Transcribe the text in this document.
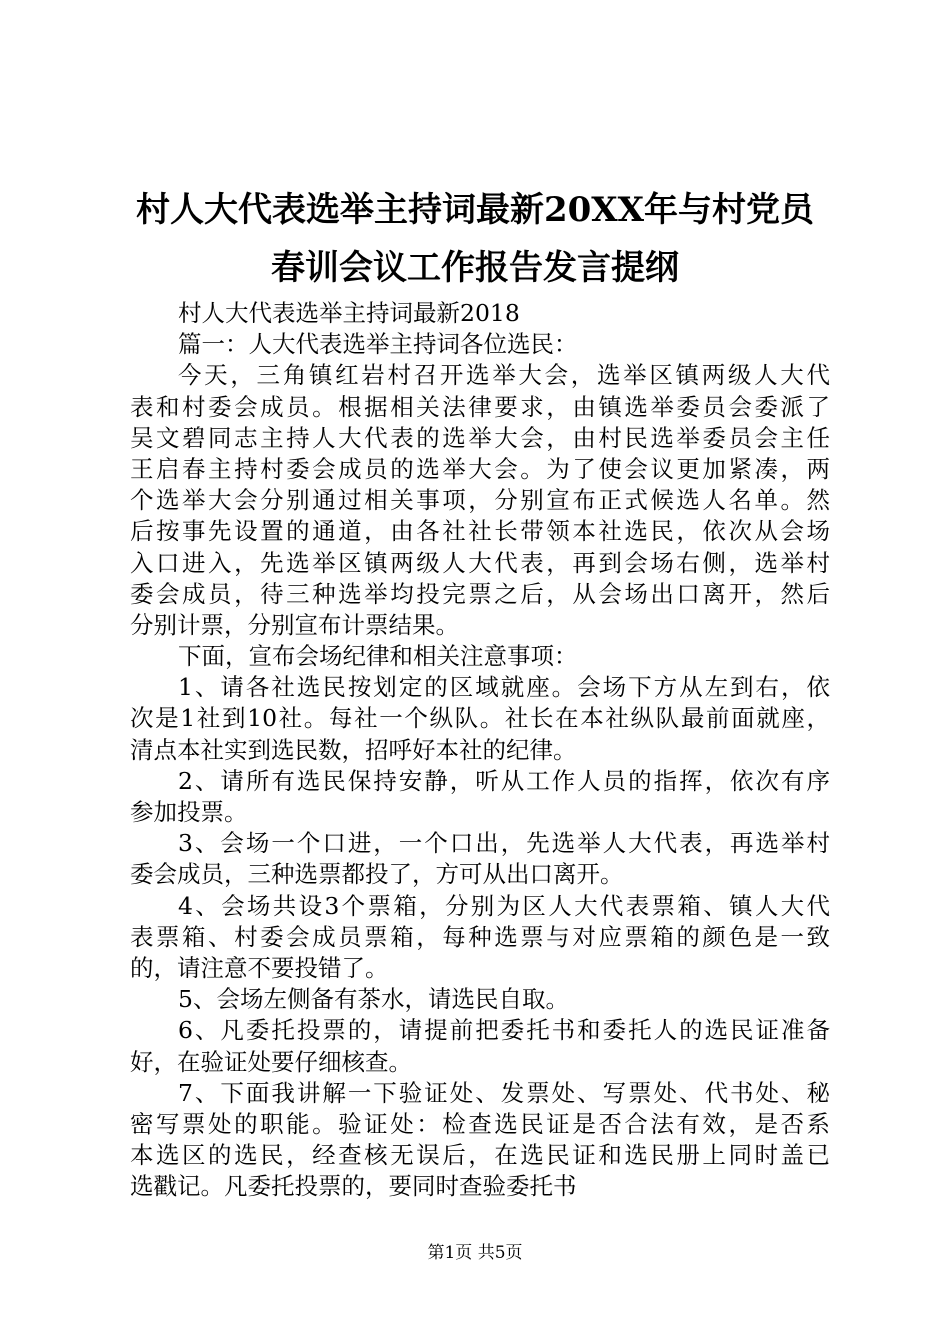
村人大代表选举主持词最新20XX年与村党员
春训会议工作报告发言提纲
村人大代表选举主持词最新2018
篇一：人大代表选举主持词各位选民：
今天，三角镇红岩村召开选举大会，选举区镇两级人大代
表和村委会成员。根据相关法律要求，由镇选举委员会委派了
吴文碧同志主持人大代表的选举大会，由村民选举委员会主任
王启春主持村委会成员的选举大会。为了使会议更加紧凑，两
个选举大会分别通过相关事项，分别宣布正式候选人名单。然
后按事先设置的通道，由各社社长带领本社选民，依次从会场
入口进入，先选举区镇两级人大代表，再到会场右侧，选举村
委会成员，待三种选举均投完票之后，从会场出口离开，然后
分别计票，分别宣布计票结果。
下面，宣布会场纪律和相关注意事项：
1、请各社选民按划定的区域就座。会场下方从左到右，依
次是1社到10社。每社一个纵队。社长在本社纵队最前面就座，
清点本社实到选民数，招呼好本社的纪律。
2、请所有选民保持安静，听从工作人员的指挥，依次有序
参加投票。
3、会场一个口进，一个口出，先选举人大代表，再选举村
委会成员，三种选票都投了，方可从出口离开。
4、会场共设3个票箱，分别为区人大代表票箱、镇人大代
表票箱、村委会成员票箱，每种选票与对应票箱的颜色是一致
的，请注意不要投错了。
5、会场左侧备有茶水，请选民自取。
6、凡委托投票的，请提前把委托书和委托人的选民证准备
好，在验证处要仔细核查。
7、下面我讲解一下验证处、发票处、写票处、代书处、秘
密写票处的职能。验证处：检查选民证是否合法有效，是否系
本选区的选民，经查核无误后，在选民证和选民册上同时盖已
选戳记。凡委托投票的，要同时查验委托书
第1页 共5页
